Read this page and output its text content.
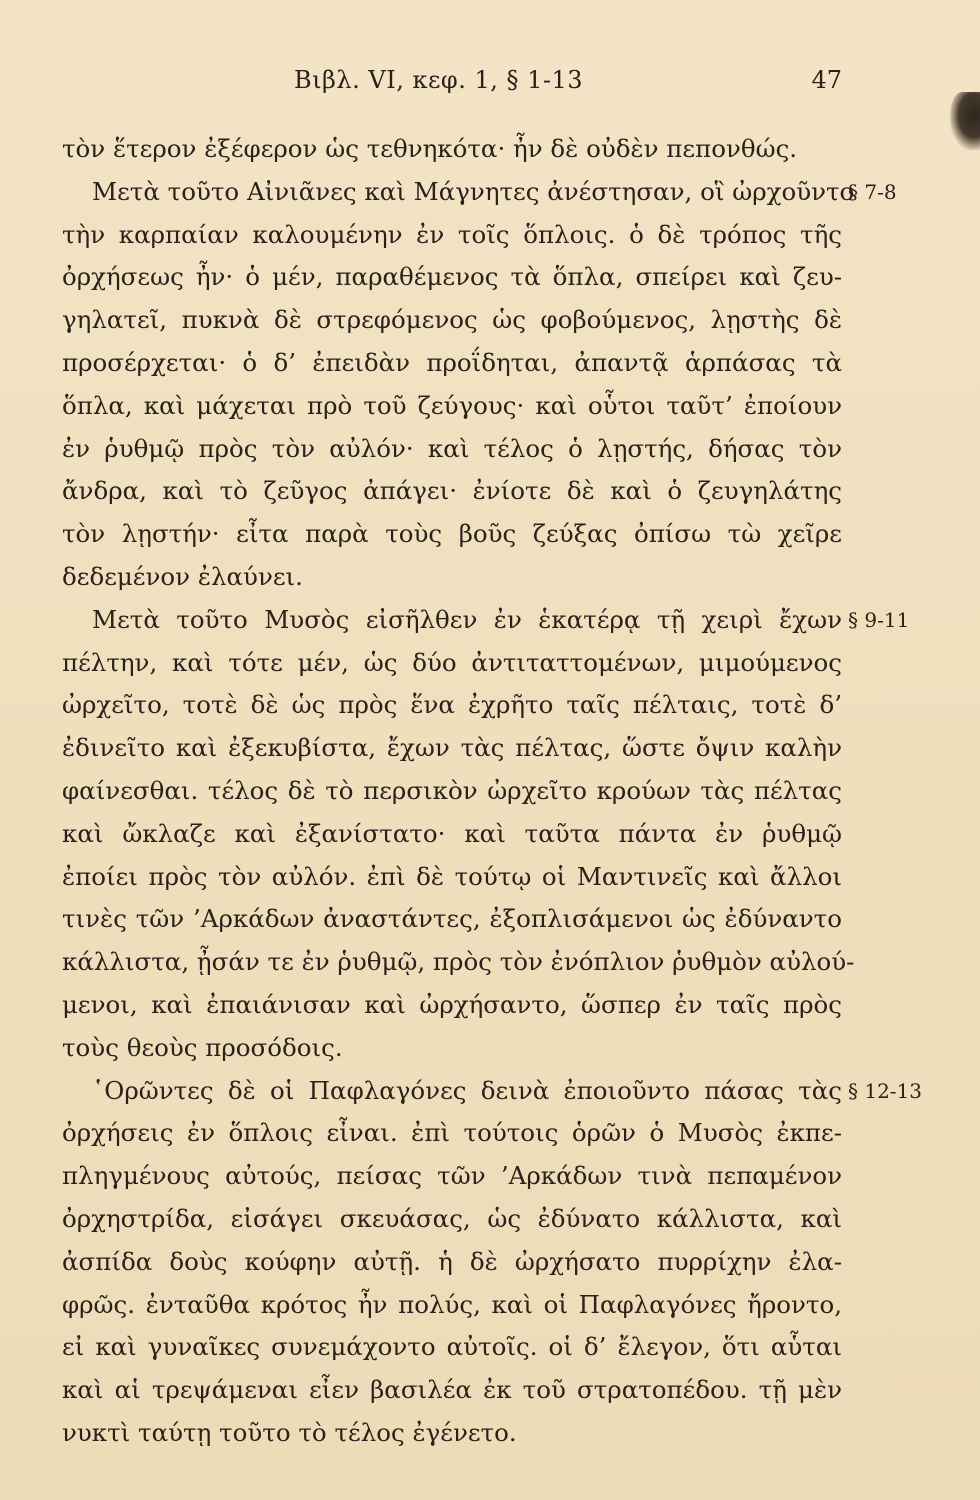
Βιβλ. VI, κεφ. 1, § 1-13	47
τὸν ἕτερον ἐξέφερον ὡς τεθνηκότα· ἦν δὲ οὐδὲν πεπονθώς.
Μετὰ τοῦτο Αἰνιᾶνες καὶ Μάγνητες ἀνέστησαν, οἳ ὠρχοῦντο
§ 7-8
τὴν καρπαίαν καλουμένην ἐν τοῖς ὅπλοις. ὁ δὲ τρόπος τῆς
ὀρχήσεως ἦν· ὁ μέν, παραθέμενος τὰ ὅπλα, σπείρει καὶ ζευ-
γηλατεῖ, πυκνὰ δὲ στρεφόμενος ὡς φοβούμενος, λῃστὴς δὲ
προσέρχεται· ὁ δ’ ἐπειδὰν προΐδηται, ἀπαντᾷ ἁρπάσας τὰ
ὅπλα, καὶ μάχεται πρὸ τοῦ ζεύγους· καὶ οὗτοι ταῦτ’ ἐποίουν
ἐν ῥυθμῷ πρὸς τὸν αὐλόν· καὶ τέλος ὁ λῃστής, δήσας τὸν
ἄνδρα, καὶ τὸ ζεῦγος ἀπάγει· ἐνίοτε δὲ καὶ ὁ ζευγηλάτης
τὸν λῃστήν· εἶτα παρὰ τοὺς βοῦς ζεύξας ὀπίσω τὼ χεῖρε
δεδεμένον ἐλαύνει.
Μετὰ τοῦτο Μυσὸς εἰσῆλθεν ἐν ἑκατέρᾳ τῇ χειρὶ ἔχων § 9-11
πέλτην, καὶ τότε μέν, ὡς δύο ἀντιταττομένων, μιμούμενος
ὠρχεῖτο, τοτὲ δὲ ὡς πρὸς ἕνα ἐχρῆτο ταῖς πέλταις, τοτὲ δ’
ἐδινεῖτο καὶ ἐξεκυβίστα, ἔχων τὰς πέλτας, ὥστε ὄψιν καλὴν
φαίνεσθαι. τέλος δὲ τὸ περσικὸν ὠρχεῖτο κρούων τὰς πέλτας
καὶ ὤκλαζε καὶ ἐξανίστατο· καὶ ταῦτα πάντα ἐν ῥυθμῷ
ἐποίει πρὸς τὸν αὐλόν. ἐπὶ δὲ τούτῳ οἱ Μαντινεῖς καὶ ἄλλοι
τινὲς τῶν ’Αρκάδων ἀναστάντες, ἐξοπλισάμενοι ὡς ἐδύναντο
κάλλιστα, ᾖσάν τε ἐν ῥυθμῷ, πρὸς τὸν ἐνόπλιον ῥυθμὸν αὐλού-
μενοι, καὶ ἐπαιάνισαν καὶ ὠρχήσαντο, ὥσπερ ἐν ταῖς πρὸς
τοὺς θεοὺς προσόδοις.
῾Ορῶντες δὲ οἱ Παφλαγόνες δεινὰ ἐποιοῦντο πάσας τὰς § 12-13
ὀρχήσεις ἐν ὅπλοις εἶναι. ἐπὶ τούτοις ὁρῶν ὁ Μυσὸς ἐκπε-
πληγμένους αὐτούς, πείσας τῶν ’Αρκάδων τινὰ πεπαμένον
ὀρχηστρίδα, εἰσάγει σκευάσας, ὡς ἐδύνατο κάλλιστα, καὶ
ἀσπίδα δοὺς κούφην αὐτῇ. ἡ δὲ ὠρχήσατο πυρρίχην ἐλα-
φρῶς. ἐνταῦθα κρότος ἦν πολύς, καὶ οἱ Παφλαγόνες ἤροντο,
εἰ καὶ γυναῖκες συνεμάχοντο αὐτοῖς. οἱ δ’ ἔλεγον, ὅτι αὗται
καὶ αἱ τρεψάμεναι εἶεν βασιλέα ἐκ τοῦ στρατοπέδου. τῇ μὲν
νυκτὶ ταύτῃ τοῦτο τὸ τέλος ἐγένετο.
